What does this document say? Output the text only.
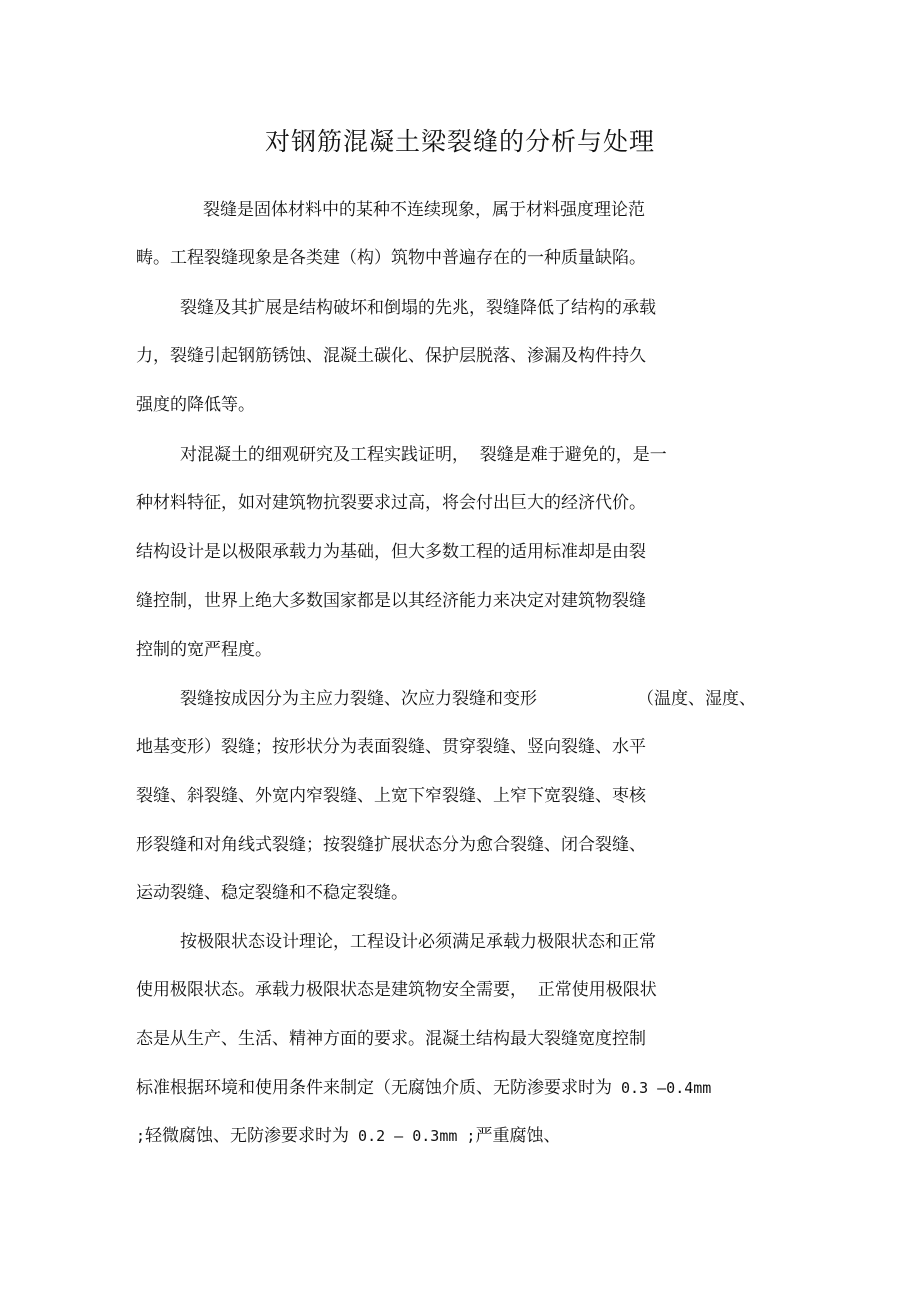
对钢筋混凝土梁裂缝的分析与处理

裂缝是固体材料中的某种不连续现象，属于材料强度理论范

畴。工程裂缝现象是各类建（构）筑物中普遍存在的一种质量缺陷。

裂缝及其扩展是结构破坏和倒塌的先兆，裂缝降低了结构的承载

力，裂缝引起钢筋锈蚀、混凝土碳化、保护层脱落、渗漏及构件持久

强度的降低等。

对混凝土的细观研究及工程实践证明，  裂缝是难于避免的，是一

种材料特征，如对建筑物抗裂要求过高，将会付出巨大的经济代价。

结构设计是以极限承载力为基础，但大多数工程的适用标准却是由裂

缝控制，世界上绝大多数国家都是以其经济能力来决定对建筑物裂缝

控制的宽严程度。

裂缝按成因分为主应力裂缝、次应力裂缝和变形	（温度、湿度、

地基变形）裂缝；按形状分为表面裂缝、贯穿裂缝、竖向裂缝、水平

裂缝、斜裂缝、外宽内窄裂缝、上宽下窄裂缝、上窄下宽裂缝、枣核

形裂缝和对角线式裂缝；按裂缝扩展状态分为愈合裂缝、闭合裂缝、

运动裂缝、稳定裂缝和不稳定裂缝。

按极限状态设计理论，工程设计必须满足承载力极限状态和正常

使用极限状态。承载力极限状态是建筑物安全需要，  正常使用极限状

态是从生产、生活、精神方面的要求。混凝土结构最大裂缝宽度控制

标准根据环境和使用条件来制定（无腐蚀介质、无防渗要求时为 0.3 —0.4mm

;轻微腐蚀、无防渗要求时为 0.2 — 0.3mm ;严重腐蚀、
